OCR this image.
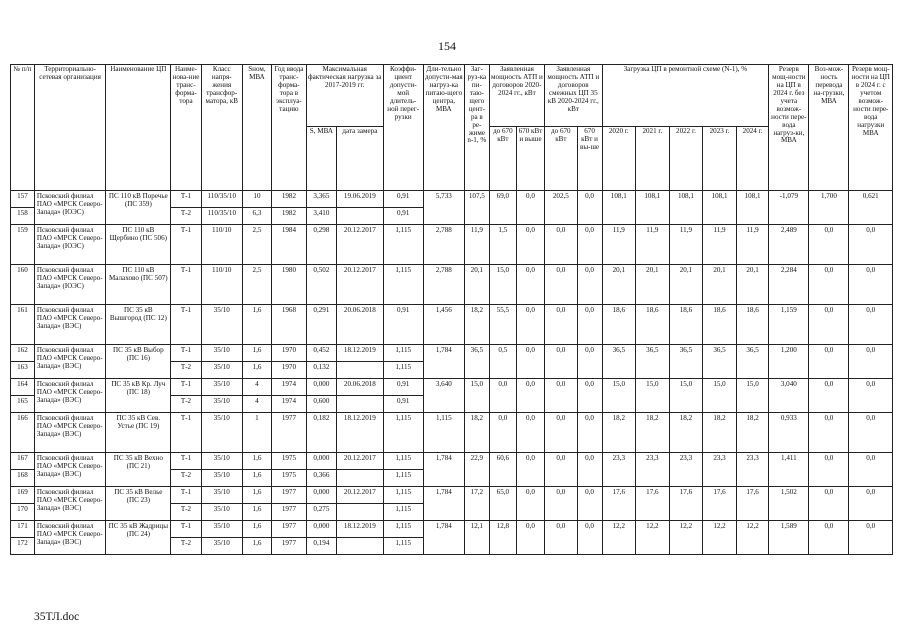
154
№ п/п	Территориально-сетевая организация	Наименование ЦП	Наиме-нова-ние транс-форма-тора	Класс напря-жения трансфор-матора, кВ	Sном, МВА	Год ввода транс-форма-тора в эксплуа-тацию	Максимальная фактическая нагрузка за 2017-2019 гг.		Коэффи-циент допусти-мой длитель-ной перег-рузки	Дли-тельно допусти-мая нагруз-ка питаю-щего центра, МВА	Заг-руз-ка пи-таю-щего цент-ра в ре-жиме n-1, %	Заявленная мощность АТП и договоров 2020-2024 гг., кВт		Заявленная мощность АТП и договоров смежных ЦП 35 кВ 2020-2024 гг., кВт		Загрузка ЦП в ремонтной схеме (N-1), %					Резерв мощ-ности на ЦП в 2024 г. без учета возмож-ности пере-вода нагруз-ки, МВА	Воз-мож-ность перевода на-грузки, МВА	Резерв мощ-ности на ЦП в 2024 г. с учетом возмож-ности пере-вода нагрузки МВА
							S, МВА	дата замера				до 670 кВт	670 кВт и выше	до 670 кВт	670 кВт и вы-ше	2020 г.	2021 г.	2022 г.	2023 г.	2024 г.			
157	Псковский филиал ПАО «МРСК Северо-Запада» (ЮЭС)	ПС 110 кВ Поречье (ПС 359)	Т-1	110/35/10	10	1982	3,365	19.06.2019	0,91	5,733	107,5	69,0	0,0	202,5	0,0	108,1	108,1	108,1	108,1	108,1	-1,079	1,700	0,621
158			Т-2	110/35/10	6,3	1982	3,410		0,91														
159	Псковский филиал ПАО «МРСК Северо-Запада» (ЮЭС)	ПС 110 кВ Щербино (ПС 506)	Т-1	110/10	2,5	1984	0,298	20.12.2017	1,115	2,788	11,9	1,5	0,0	0,0	0,0	11,9	11,9	11,9	11,9	11,9	2,489	0,0	0,0
160	Псковский филиал ПАО «МРСК Северо-Запада» (ЮЭС)	ПС 110 кВ Малахово (ПС 507)	Т-1	110/10	2,5	1980	0,502	20.12.2017	1,115	2,788	20,1	15,0	0,0	0,0	0,0	20,1	20,1	20,1	20,1	20,1	2,284	0,0	0,0
161	Псковский филиал ПАО «МРСК Северо-Запада» (ВЭС)	ПС 35 кВ Вышгород (ПС 12)	Т-1	35/10	1,6	1968	0,291	20.06.2018	0,91	1,456	18,2	55,5	0,0	0,0	0,0	18,6	18,6	18,6	18,6	18,6	1,159	0,0	0,0
162	Псковский филиал ПАО «МРСК Северо-Запада» (ВЭС)	ПС 35 кВ Выбор (ПС 16)	Т-1	35/10	1,6	1970	0,452	18.12.2019	1,115	1,784	36,5	0,5	0,0	0,0	0,0	36,5	36,5	36,5	36,5	36,5	1,200	0,0	0,0
163			Т-2	35/10	1,6	1970	0,132		1,115														
164	Псковский филиал ПАО «МРСК Северо-Запада» (ВЭС)	ПС 35 кВ Кр. Луч (ПС 18)	Т-1	35/10	4	1974	0,000	20.06.2018	0,91	3,640	15,0	0,0	0,0	0,0	0,0	15,0	15,0	15,0	15,0	15,0	3,040	0,0	0,0
165			Т-2	35/10	4	1974	0,600		0,91														
166	Псковский филиал ПАО «МРСК Северо-Запада» (ВЭС)	ПС 35 кВ Сев. Устье (ПС 19)	Т-1	35/10	1	1977	0,182	18.12.2019	1,115	1,115	18,2	0,0	0,0	0,0	0,0	18,2	18,2	18,2	18,2	18,2	0,933	0,0	0,0
167	Псковский филиал ПАО «МРСК Северо-Запада» (ВЭС)	ПС 35 кВ Вехно (ПС 21)	Т-1	35/10	1,6	1975	0,000	20.12.2017	1,115	1,784	22,9	60,6	0,0	0,0	0,0	23,3	23,3	23,3	23,3	23,3	1,411	0,0	0,0
168			Т-2	35/10	1,6	1975	0,366		1,115														
169	Псковский филиал ПАО «МРСК Северо-Запада» (ВЭС)	ПС 35 кВ Велье (ПС 23)	Т-1	35/10	1,6	1977	0,000	20.12.2017	1,115	1,784	17,2	65,0	0,0	0,0	0,0	17,6	17,6	17,6	17,6	17,6	1,502	0,0	0,0
170			Т-2	35/10	1,6	1977	0,275		1,115														
171	Псковский филиал ПАО «МРСК Северо-Запада» (ВЭС)	ПС 35 кВ Жадрицы (ПС 24)	Т-1	35/10	1,6	1977	0,000	18.12.2019	1,115	1,784	12,1	12,8	0,0	0,0	0,0	12,2	12,2	12,2	12,2	12,2	1,589	0,0	0,0
172			Т-2	35/10	1,6	1977	0,194		1,115														
35ТЛ.doc
